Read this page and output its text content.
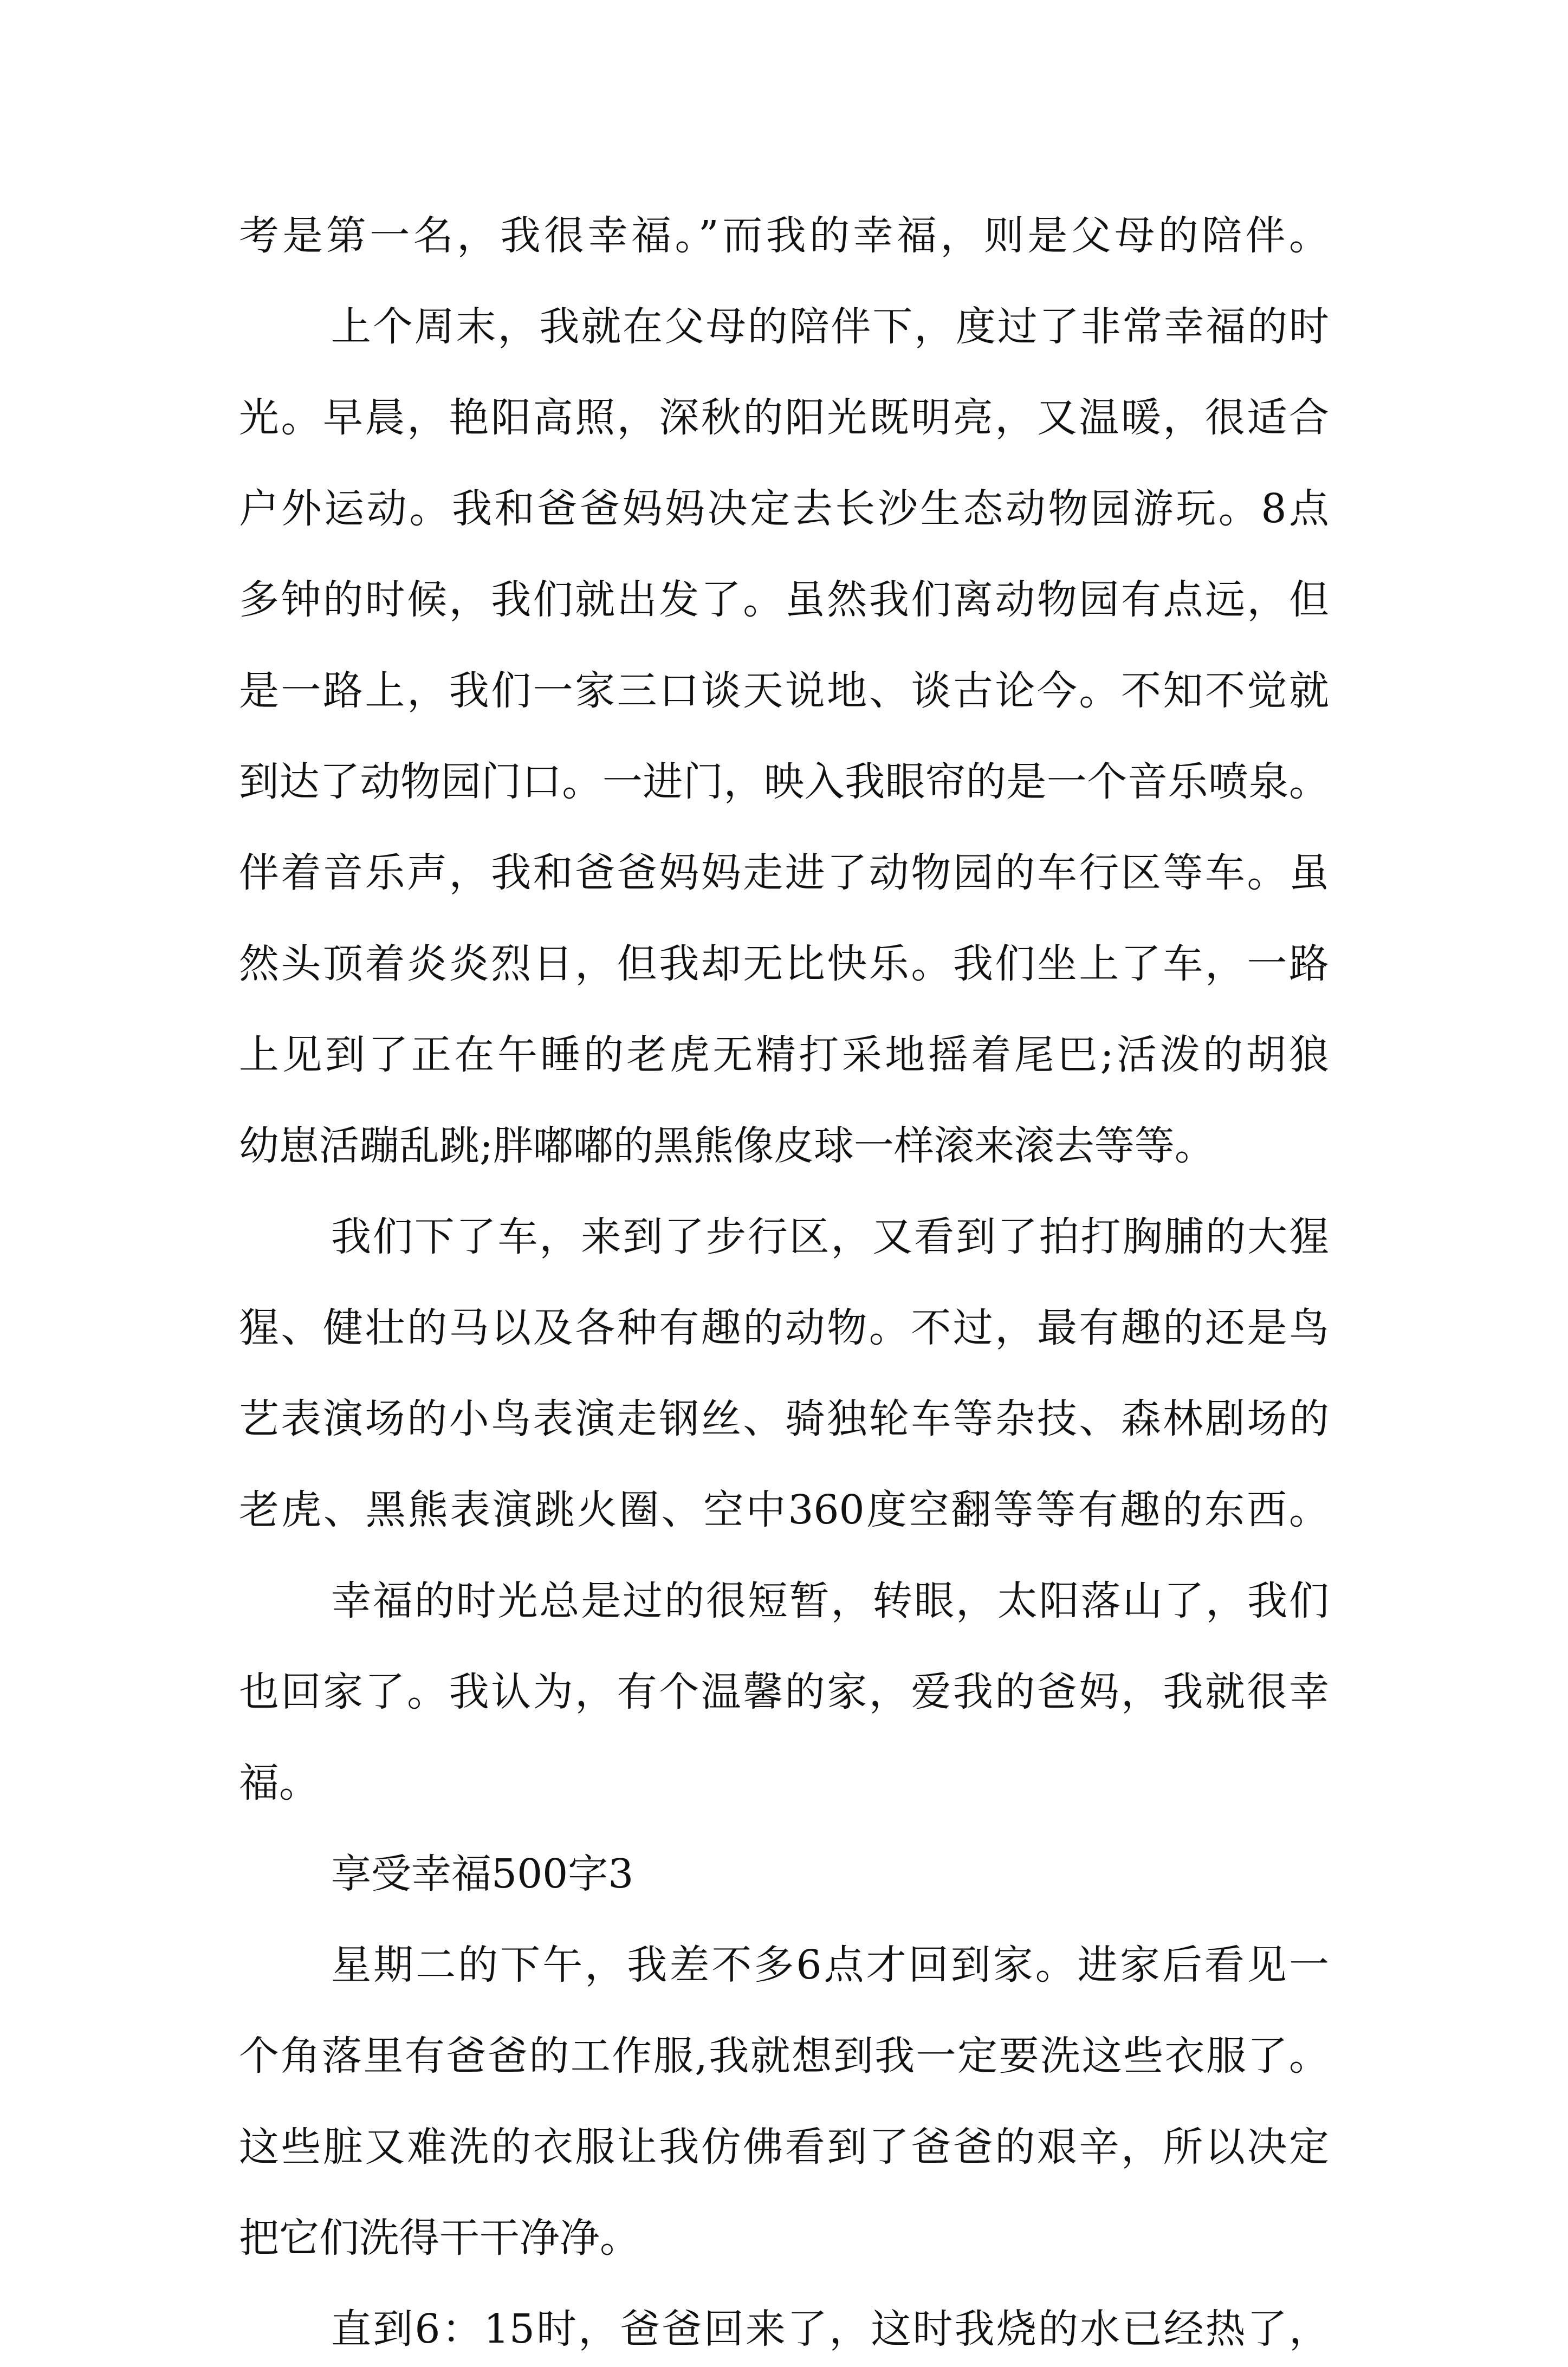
考是第一名，我很幸福。”而我的幸福，则是父母的陪伴。
上个周末，我就在父母的陪伴下，度过了非常幸福的时
光。早晨，艳阳高照，深秋的阳光既明亮，又温暖，很适合
户外运动。我和爸爸妈妈决定去长沙生态动物园游玩。8点
多钟的时候，我们就出发了。虽然我们离动物园有点远，但
是一路上，我们一家三口谈天说地、谈古论今。不知不觉就
到达了动物园门口。一进门，映入我眼帘的是一个音乐喷泉。
伴着音乐声，我和爸爸妈妈走进了动物园的车行区等车。虽
然头顶着炎炎烈日，但我却无比快乐。我们坐上了车，一路
上见到了正在午睡的老虎无精打采地摇着尾巴;活泼的胡狼
幼崽活蹦乱跳;胖嘟嘟的黑熊像皮球一样滚来滚去等等。
我们下了车，来到了步行区，又看到了拍打胸脯的大猩
猩、健壮的马以及各种有趣的动物。不过，最有趣的还是鸟
艺表演场的小鸟表演走钢丝、骑独轮车等杂技、森林剧场的
老虎、黑熊表演跳火圈、空中360度空翻等等有趣的东西。
幸福的时光总是过的很短暂，转眼，太阳落山了，我们
也回家了。我认为，有个温馨的家，爱我的爸妈，我就很幸
福。
享受幸福500字3
星期二的下午，我差不多6点才回到家。进家后看见一
个角落里有爸爸的工作服,我就想到我一定要洗这些衣服了。
这些脏又难洗的衣服让我仿佛看到了爸爸的艰辛，所以决定
把它们洗得干干净净。
直到6：15时，爸爸回来了，这时我烧的水已经热了，
